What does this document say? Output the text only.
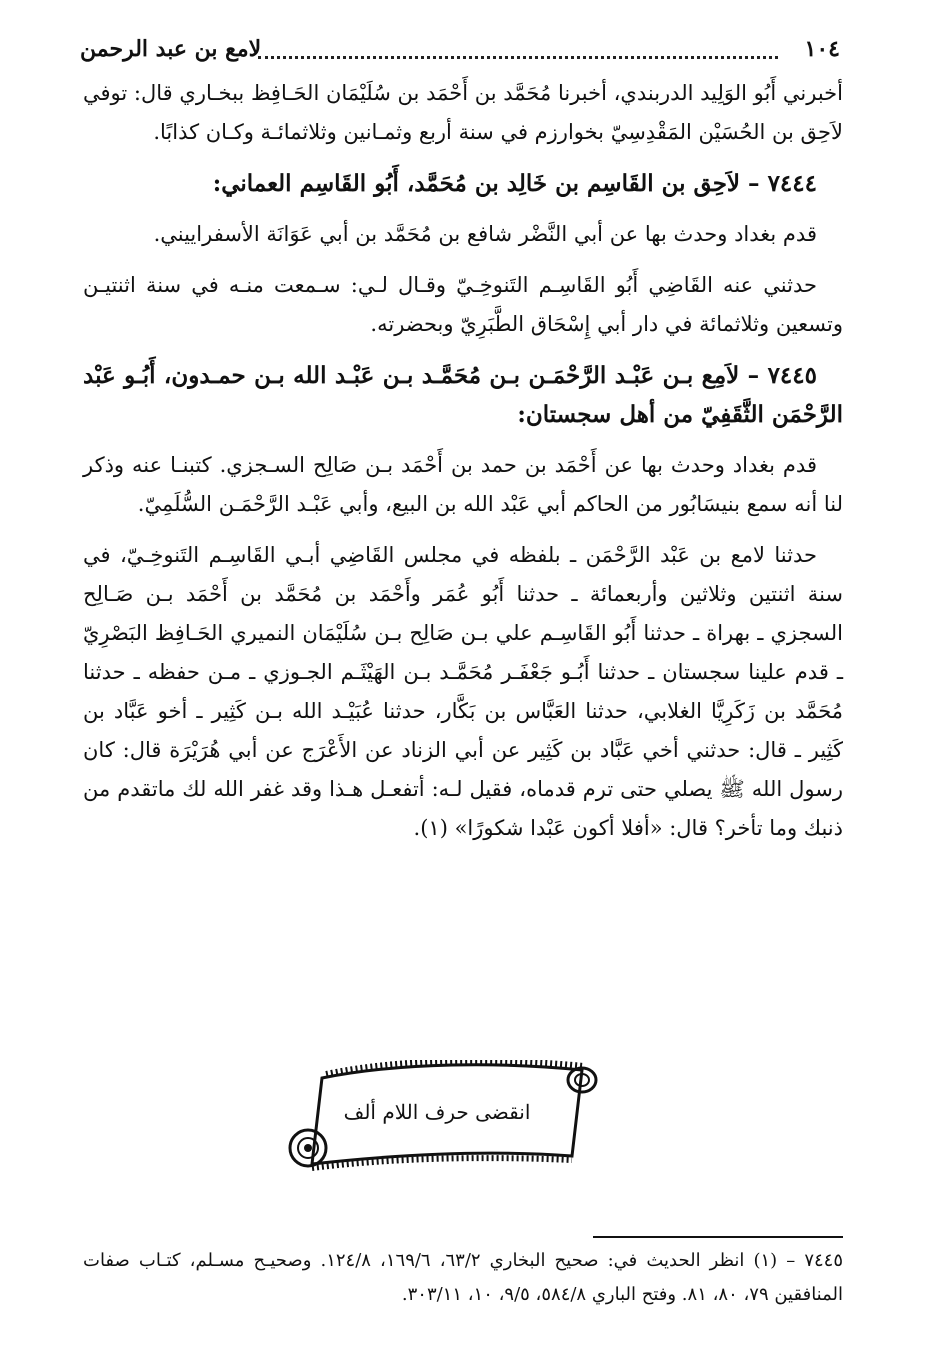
١٠٤
لامع بن عبد الرحمن

أخبرني أَبُو الوَلِيد الدربندي، أخبرنا مُحَمَّد بن أَحْمَد بن سُلَيْمَان الحَـافِظ ببخـاري قال: توفي لاَحِق بن الحُسَيْن المَقْدِسِيّ بخوارزم في سنة أربع وثمـانين وثلاثمائـة وكـان كذابًا.

٧٤٤٤ – لاَحِق بن القَاسِم بن خَالِد بن مُحَمَّد، أَبُو القَاسِم العماني:

قدم بغداد وحدث بها عن أبي النَّضْر شافع بن مُحَمَّد بن أبي عَوَانَة الأسفراييني.

حدثني عنه القَاضِي أَبُو القَاسِـم التَنوخِـيّ وقـال لـي: سـمعت منـه في سنة اثنتيـن وتسعين وثلاثمائة في دار أبي إِسْحَاق الطَّبَرِيّ وبحضرته.

٧٤٤٥ – لاَمِع بـن عَبْـد الرَّحْمَـن بـن مُحَمَّـد بـن عَبْـد الله بـن حمـدون، أَبُـو عَبْد الرَّحْمَن الثَّقَفِيّ من أهل سجستان:

قدم بغداد وحدث بها عن أَحْمَد بن حمد بن أَحْمَد بـن صَالِح السـجزي. كتبنـا عنه وذكر لنا أنه سمع بنيسَابُور من الحاكم أبي عَبْد الله بن البيع، وأبي عَبْـد الرَّحْمَـن السُّلَمِيّ.

حدثنا لامع بن عَبْد الرَّحْمَن ـ بلفظه في مجلس القَاضِي أبـي القَاسِـم التَنوخِـيّ، في سنة اثنتين وثلاثين وأربعمائة ـ حدثنا أَبُو عُمَر وأَحْمَد بن مُحَمَّد بن أَحْمَد بـن صَـالِح السجزي ـ بهراة ـ حدثنا أَبُو القَاسِـم علي بـن صَالِح بـن سُلَيْمَان النميري الحَـافِظ البَصْرِيّ ـ قدم علينا سجستان ـ حدثنا أَبُـو جَعْفَـر مُحَمَّـد بـن الهَيْثَـم الجـوزي ـ مـن حفظه ـ حدثنا مُحَمَّد بن زَكَرِيَّا الغلابي، حدثنا العَبَّاس بن بَكَّار، حدثنا عُبَيْـد الله بـن كَثِير ـ أخو عَبَّاد بن كَثِير ـ قال: حدثني أخي عَبَّاد بن كَثِير عن أبي الزناد عن الأَعْرَج عن أبي هُرَيْرَة قال: كان رسول الله ﷺ يصلي حتى ترم قدماه، فقيل لـه: أتفعـل هـذا وقد غفر الله لك ماتقدم من ذنبك وما تأخر؟ قال: «أفلا أكون عَبْدا شكورًا» (١).

انقضى حرف اللام ألف

٧٤٤٥ – (١) انظر الحديث في: صحيح البخاري ٦٣/٢، ١٦٩/٦، ١٢٤/٨. وصحيـح مسـلم، كتـاب صفات المنافقين ٧٩، ٨٠، ٨١. وفتح الباري ٥٨٤/٨، ٩/٥، ١٠، ٣٠٣/١١.
